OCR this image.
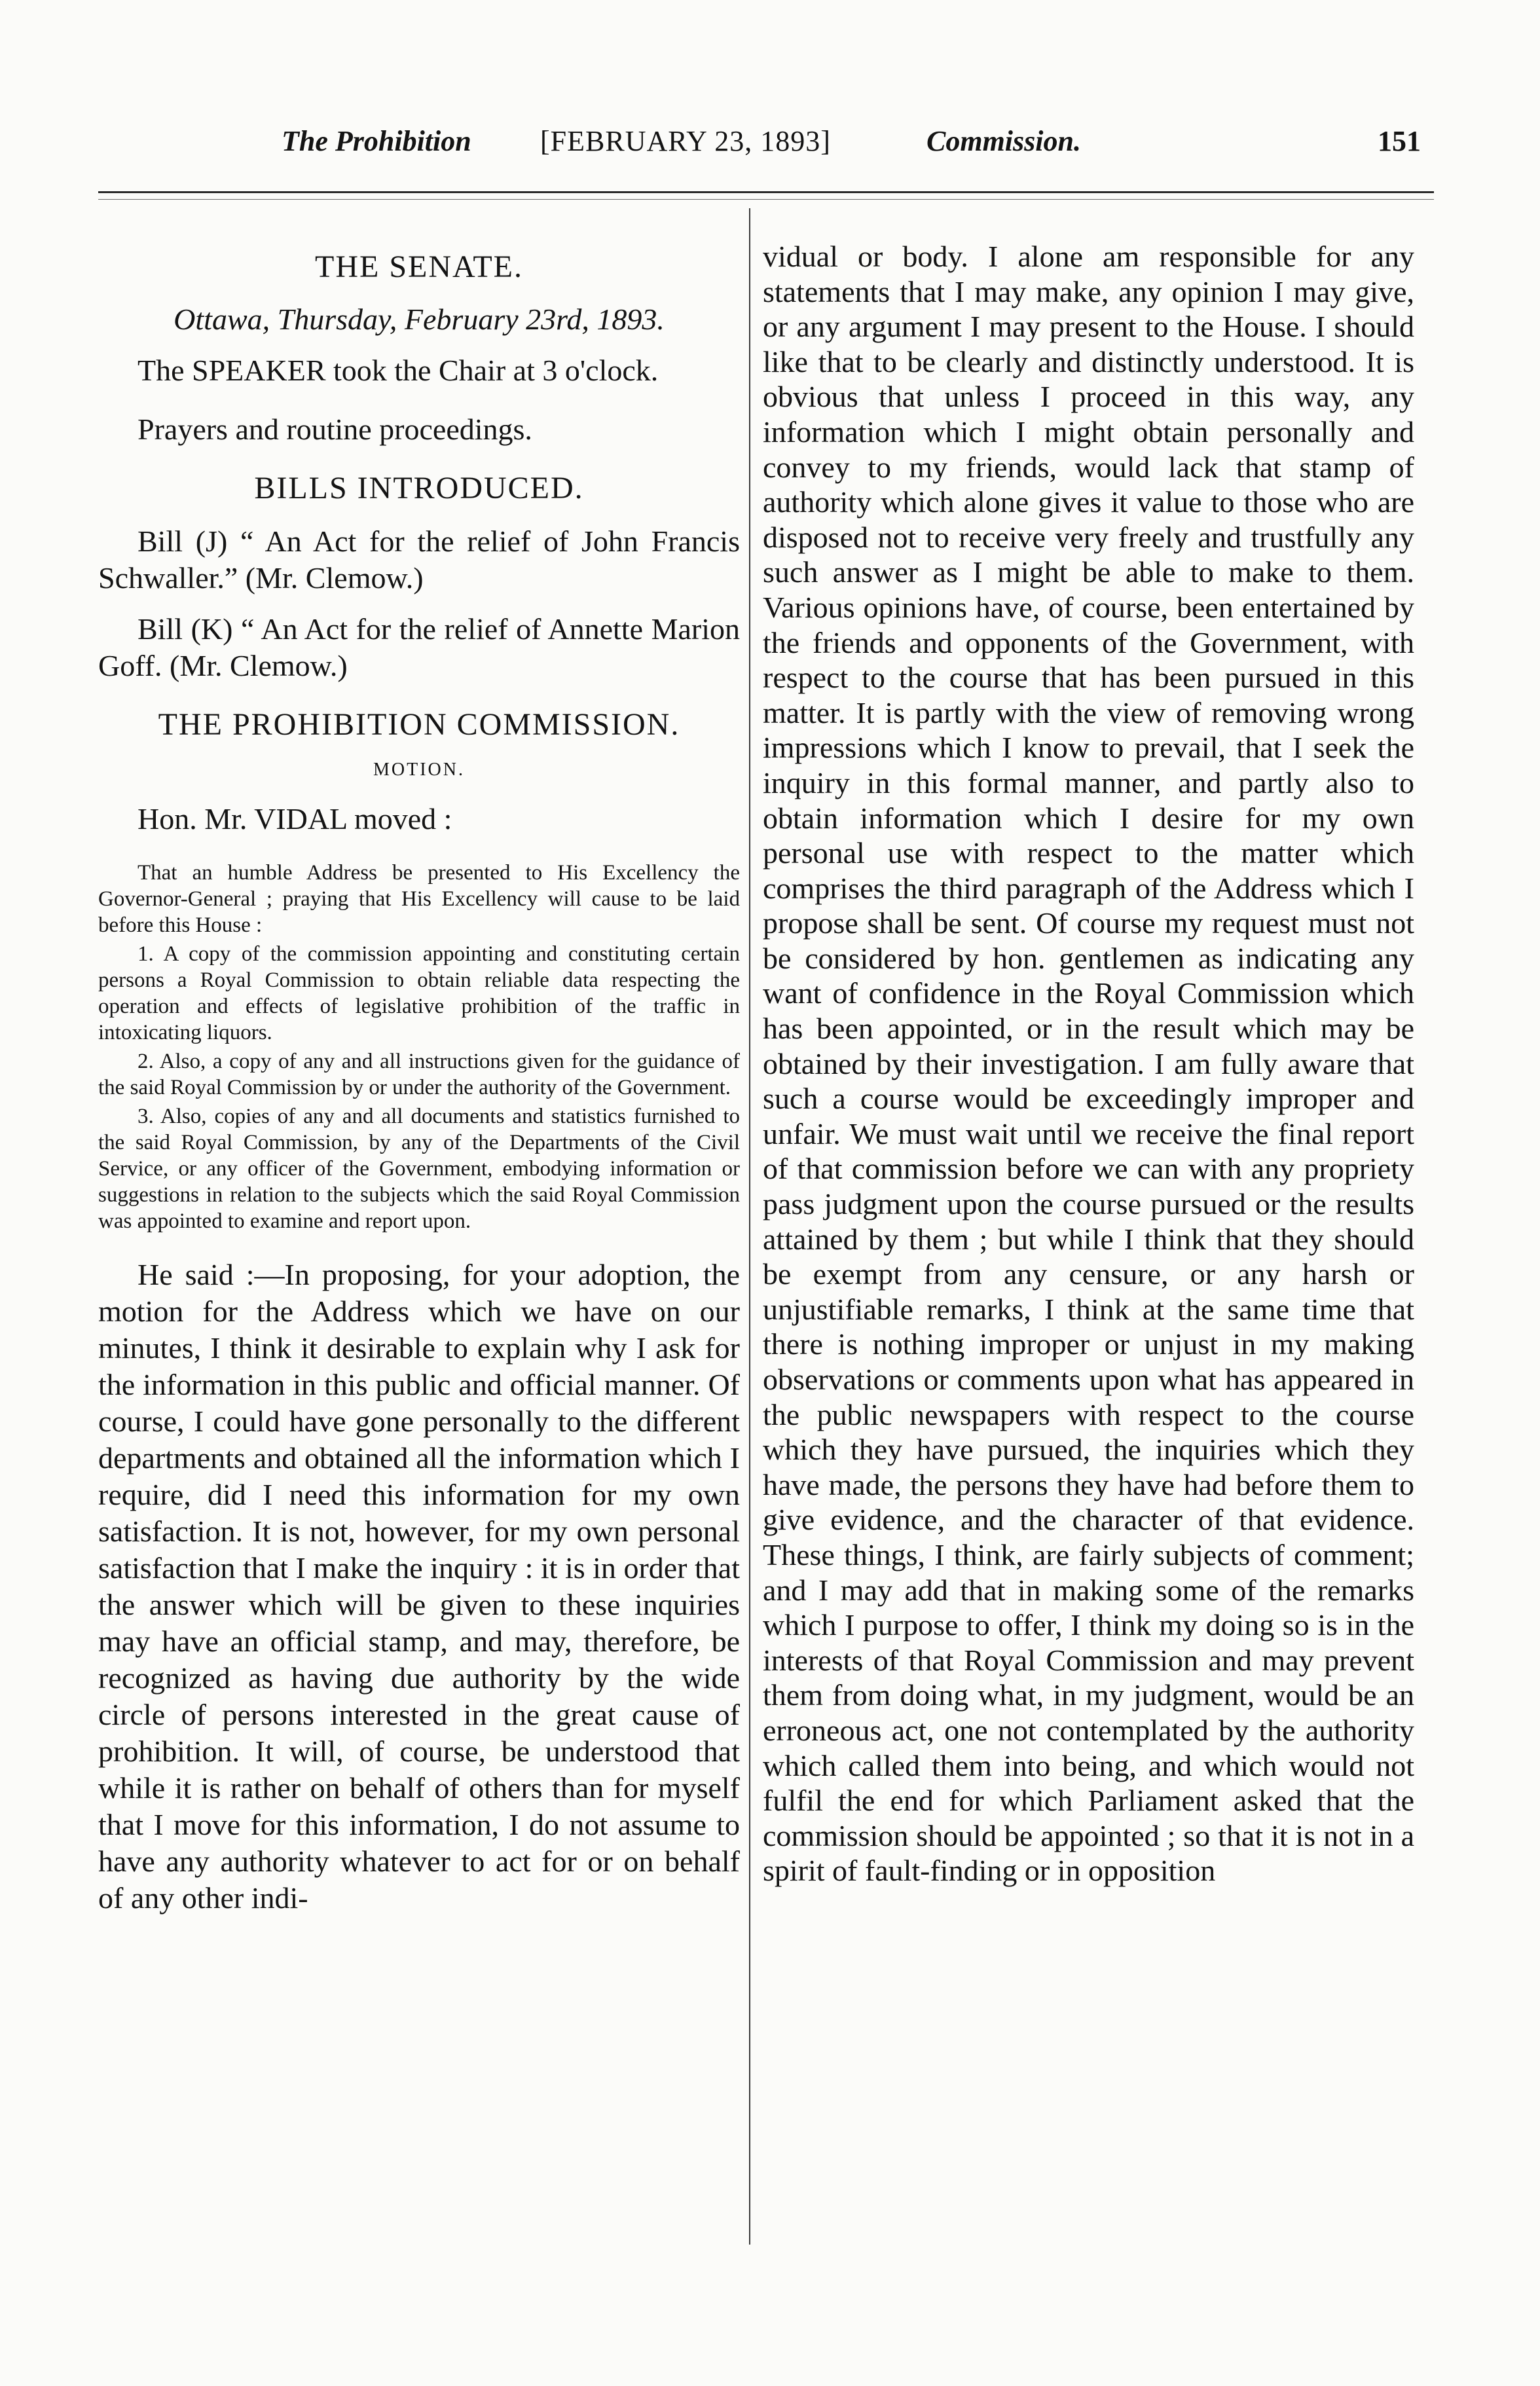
The Prohibition [FEBRUARY 23, 1893]	Commission.	151

THE SENATE.

Ottawa, Thursday, February 23rd, 1893.

The SPEAKER took the Chair at 3 o'clock.

Prayers and routine proceedings.

BILLS INTRODUCED.

Bill (J) “ An Act for the relief of John Francis Schwaller.” (Mr. Clemow.)

Bill (K) “ An Act for the relief of Annette Marion Goff. (Mr. Clemow.)

THE PROHIBITION COMMISSION.

MOTION.

Hon. Mr. VIDAL moved :

That an humble Address be presented to His Excellency the Governor-General ; praying that His Excellency will cause to be laid before this House :

1. A copy of the commission appointing and constituting certain persons a Royal Commission to obtain reliable data respecting the operation and effects of legislative prohibition of the traffic in intoxicating liquors.

2. Also, a copy of any and all instructions given for the guidance of the said Royal Commission by or under the authority of the Government.

3. Also, copies of any and all documents and statistics furnished to the said Royal Commission, by any of the Departments of the Civil Service, or any officer of the Government, embodying information or suggestions in relation to the subjects which the said Royal Commission was appointed to examine and report upon.

He said :—In proposing, for your adoption, the motion for the Address which we have on our minutes, I think it desirable to explain why I ask for the information in this public and official manner. Of course, I could have gone personally to the different departments and obtained all the information which I require, did I need this information for my own satisfaction. It is not, however, for my own personal satisfaction that I make the inquiry : it is in order that the answer which will be given to these inquiries may have an official stamp, and may, therefore, be recognized as having due authority by the wide circle of persons interested in the great cause of prohibition. It will, of course, be understood that while it is rather on behalf of others than for myself that I move for this information, I do not assume to have any authority whatever to act for or on behalf of any other indi-

vidual or body. I alone am responsible for any statements that I may make, any opinion I may give, or any argument I may present to the House. I should like that to be clearly and distinctly understood. It is obvious that unless I proceed in this way, any information which I might obtain personally and convey to my friends, would lack that stamp of authority which alone gives it value to those who are disposed not to receive very freely and trustfully any such answer as I might be able to make to them. Various opinions have, of course, been entertained by the friends and opponents of the Government, with respect to the course that has been pursued in this matter. It is partly with the view of removing wrong impressions which I know to prevail, that I seek the inquiry in this formal manner, and partly also to obtain information which I desire for my own personal use with respect to the matter which comprises the third paragraph of the Address which I propose shall be sent. Of course my request must not be considered by hon. gentlemen as indicating any want of confidence in the Royal Commission which has been appointed, or in the result which may be obtained by their investigation. I am fully aware that such a course would be exceedingly improper and unfair. We must wait until we receive the final report of that commission before we can with any propriety pass judgment upon the course pursued or the results attained by them ; but while I think that they should be exempt from any censure, or any harsh or unjustifiable remarks, I think at the same time that there is nothing improper or unjust in my making observations or comments upon what has appeared in the public newspapers with respect to the course which they have pursued, the inquiries which they have made, the persons they have had before them to give evidence, and the character of that evidence. These things, I think, are fairly subjects of comment; and I may add that in making some of the remarks which I purpose to offer, I think my doing so is in the interests of that Royal Commission and may prevent them from doing what, in my judgment, would be an erroneous act, one not contemplated by the authority which called them into being, and which would not fulfil the end for which Parliament asked that the commission should be appointed ; so that it is not in a spirit of fault-finding or in opposition
